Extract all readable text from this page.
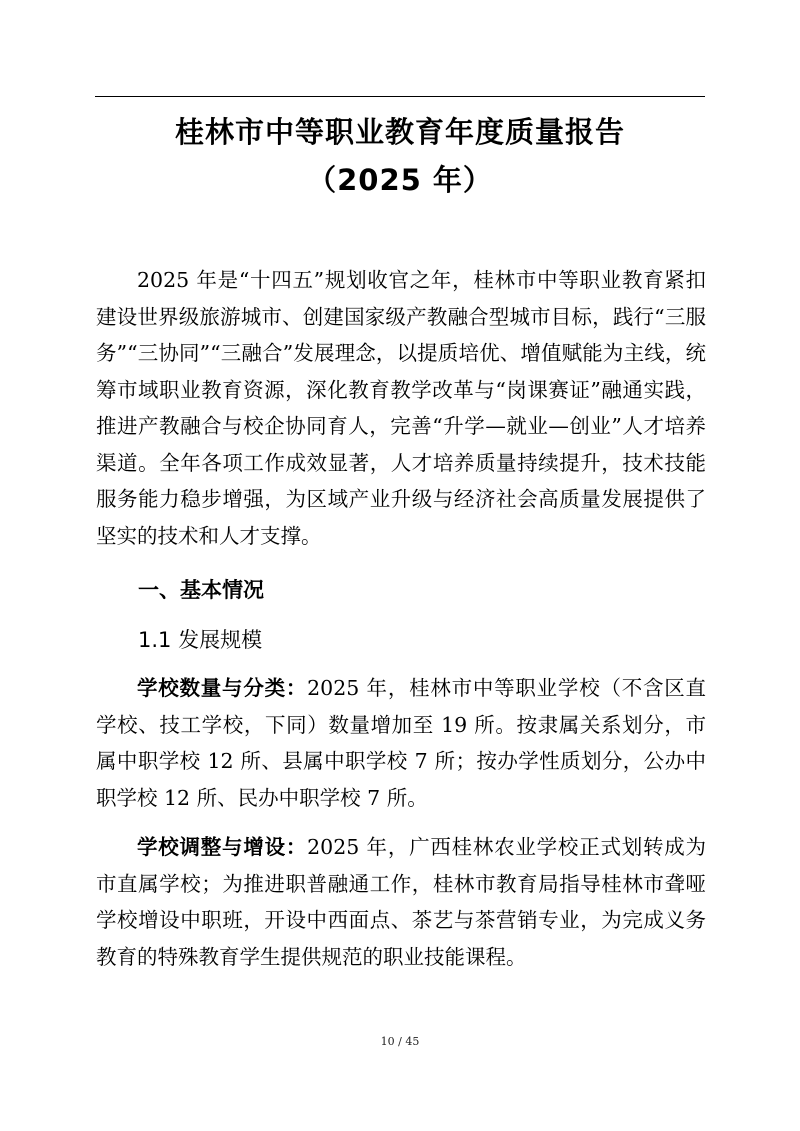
桂林市中等职业教育年度质量报告
（2025 年）

2025 年是“十四五”规划收官之年，桂林市中等职业教育紧扣建设世界级旅游城市、创建国家级产教融合型城市目标，践行“三服务”“三协同”“三融合”发展理念，以提质培优、增值赋能为主线，统筹市域职业教育资源，深化教育教学改革与“岗课赛证”融通实践，推进产教融合与校企协同育人，完善“升学—就业—创业”人才培养渠道。全年各项工作成效显著，人才培养质量持续提升，技术技能服务能力稳步增强，为区域产业升级与经济社会高质量发展提供了坚实的技术和人才支撑。

一、基本情况
1.1 发展规模

学校数量与分类：2025 年，桂林市中等职业学校（不含区直学校、技工学校，下同）数量增加至 19 所。按隶属关系划分，市属中职学校 12 所、县属中职学校 7 所；按办学性质划分，公办中职学校 12 所、民办中职学校 7 所。

学校调整与增设：2025 年，广西桂林农业学校正式划转成为市直属学校；为推进职普融通工作，桂林市教育局指导桂林市聋哑学校增设中职班，开设中西面点、茶艺与茶营销专业，为完成义务教育的特殊教育学生提供规范的职业技能课程。

10 / 45
